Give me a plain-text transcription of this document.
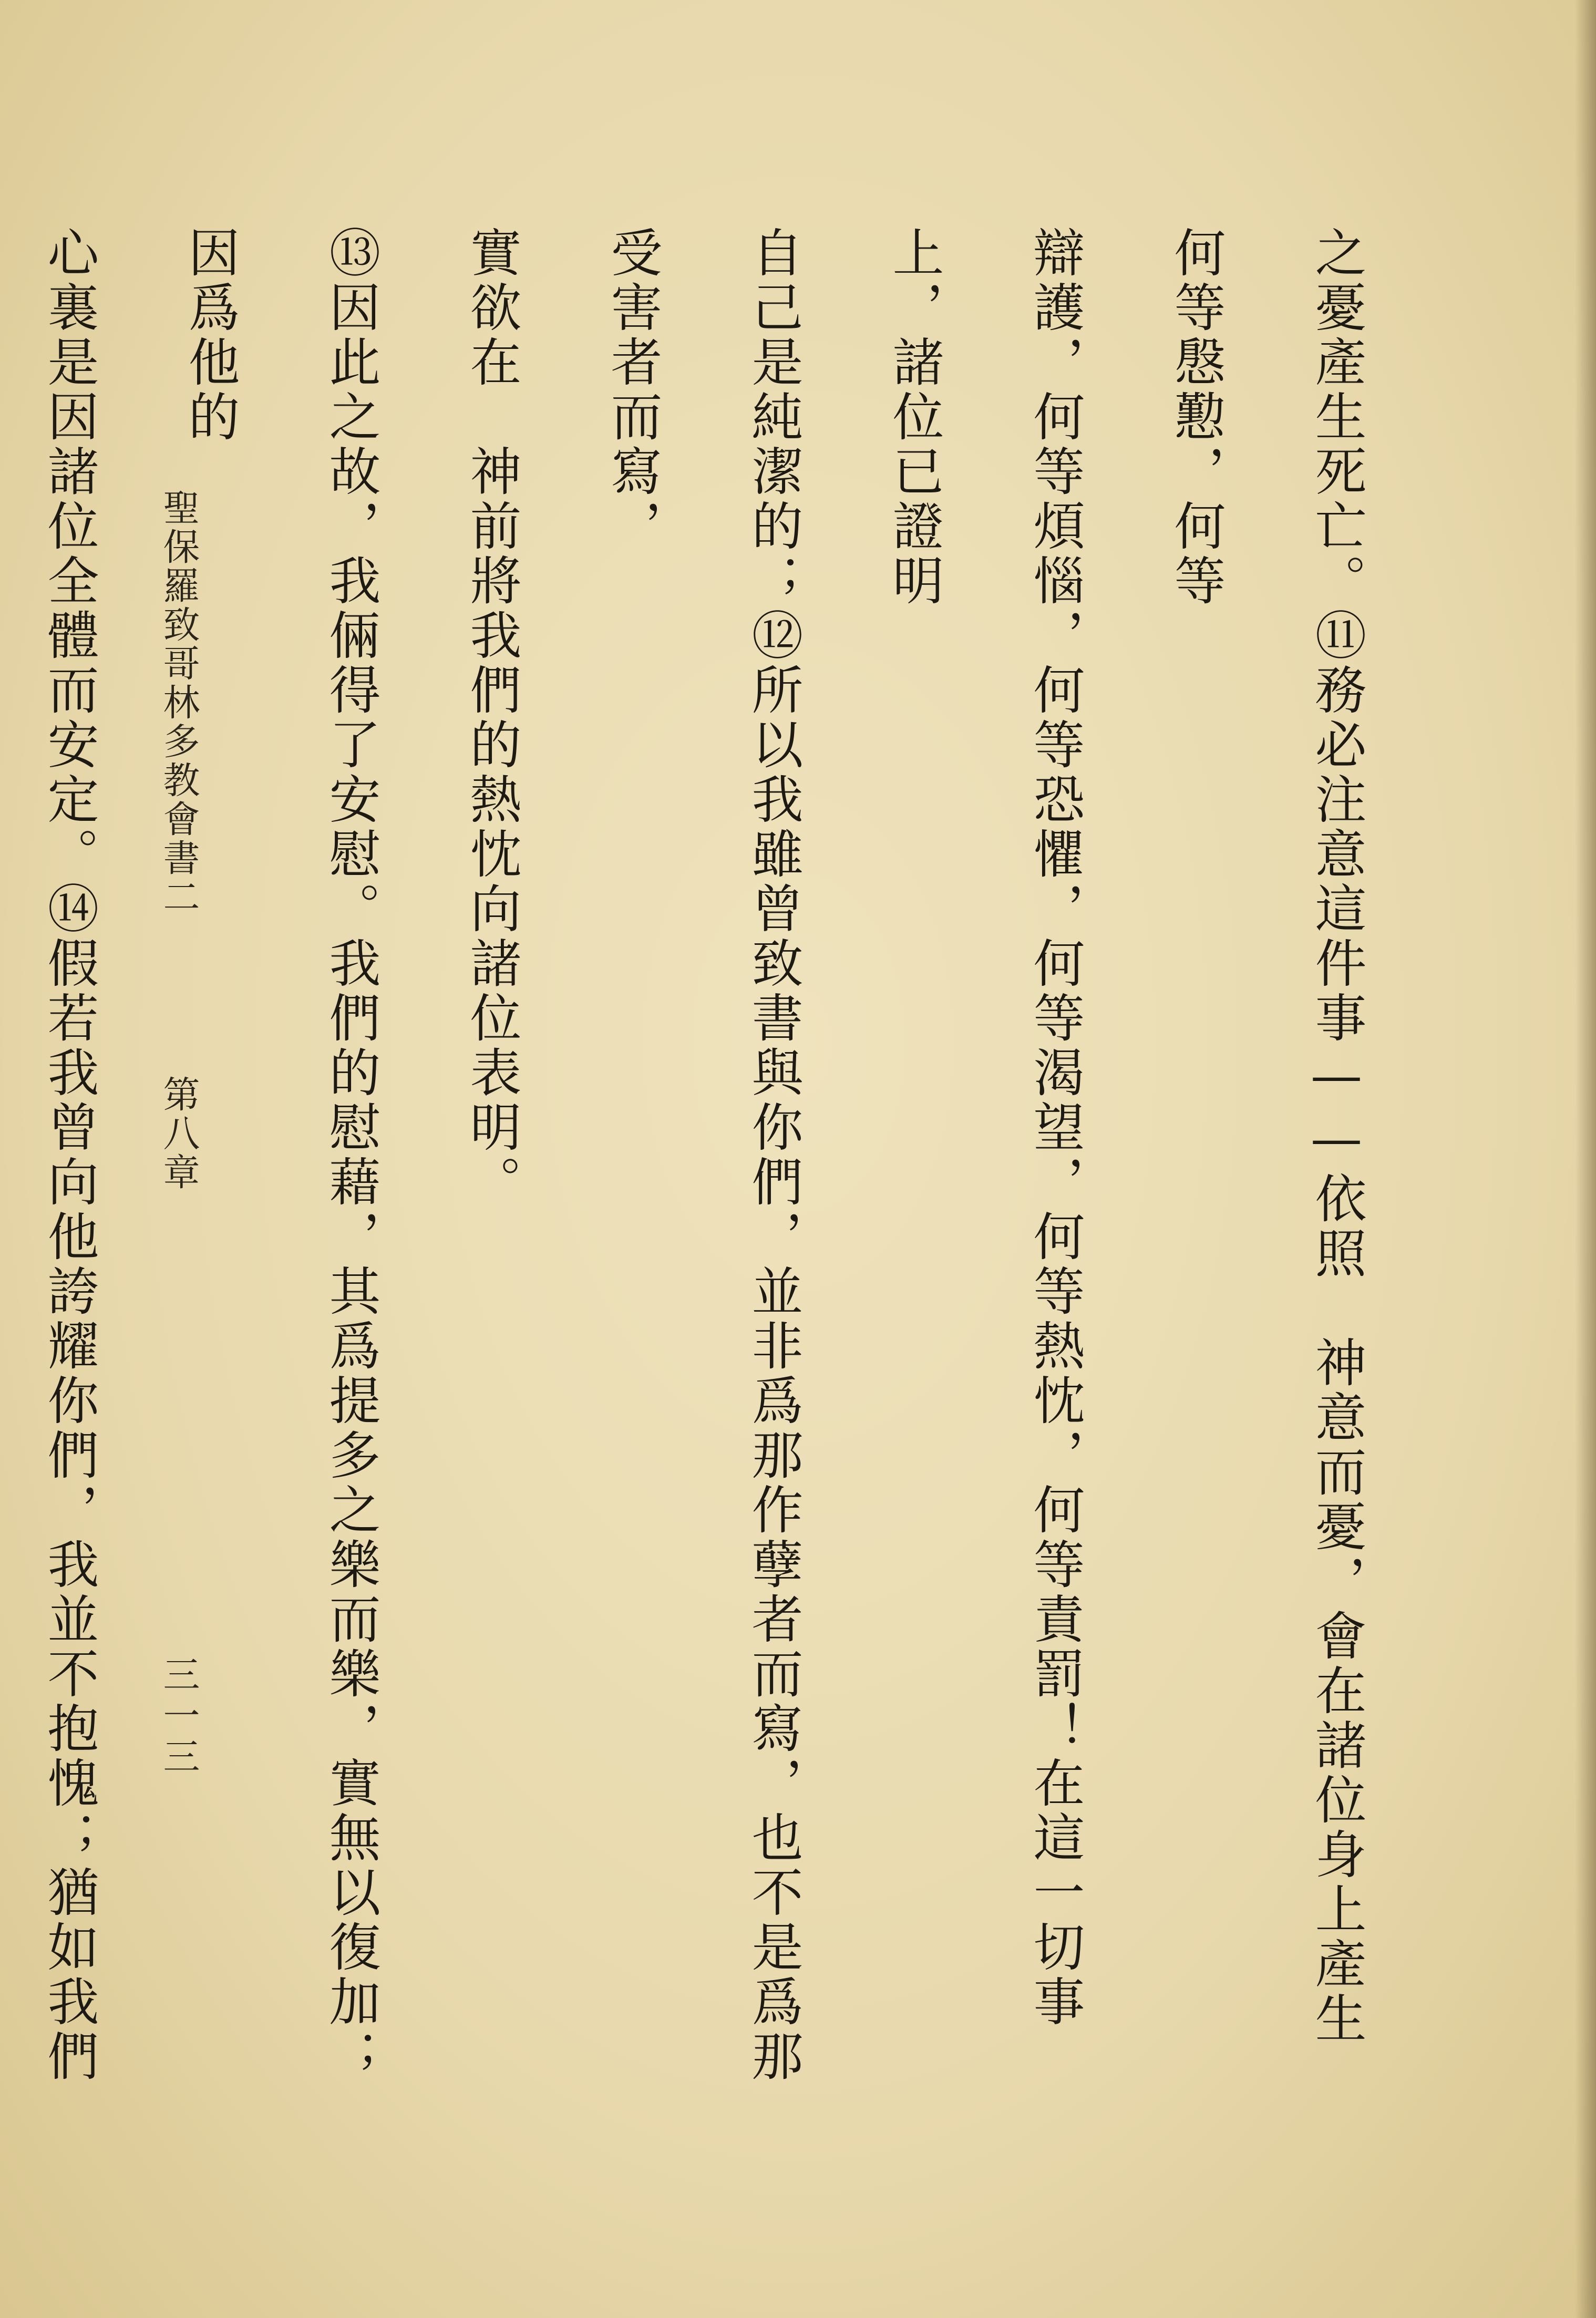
之憂產生死亡。⑪務必注意這件事——依照　神意而憂，會在諸位身上產生何等慇懃，何等

辯護，何等煩惱，何等恐懼，何等渴望，何等熱忱，何等責罰！在這一切事上，諸位已證明

自己是純潔的；⑫所以我雖曾致書與你們，並非爲那作孽者而寫，也不是爲那受害者而寫，

實欲在　神前將我們的熱忱向諸位表明。

⑬因此之故，我倆得了安慰。我們的慰藉，其爲提多之樂而樂，實無以復加；因爲他的

心裏是因諸位全體而安定。⑭假若我曾向他誇耀你們，我並不抱愧；猶如我們

聖保羅致哥林多教會書二 第八章
三一三
